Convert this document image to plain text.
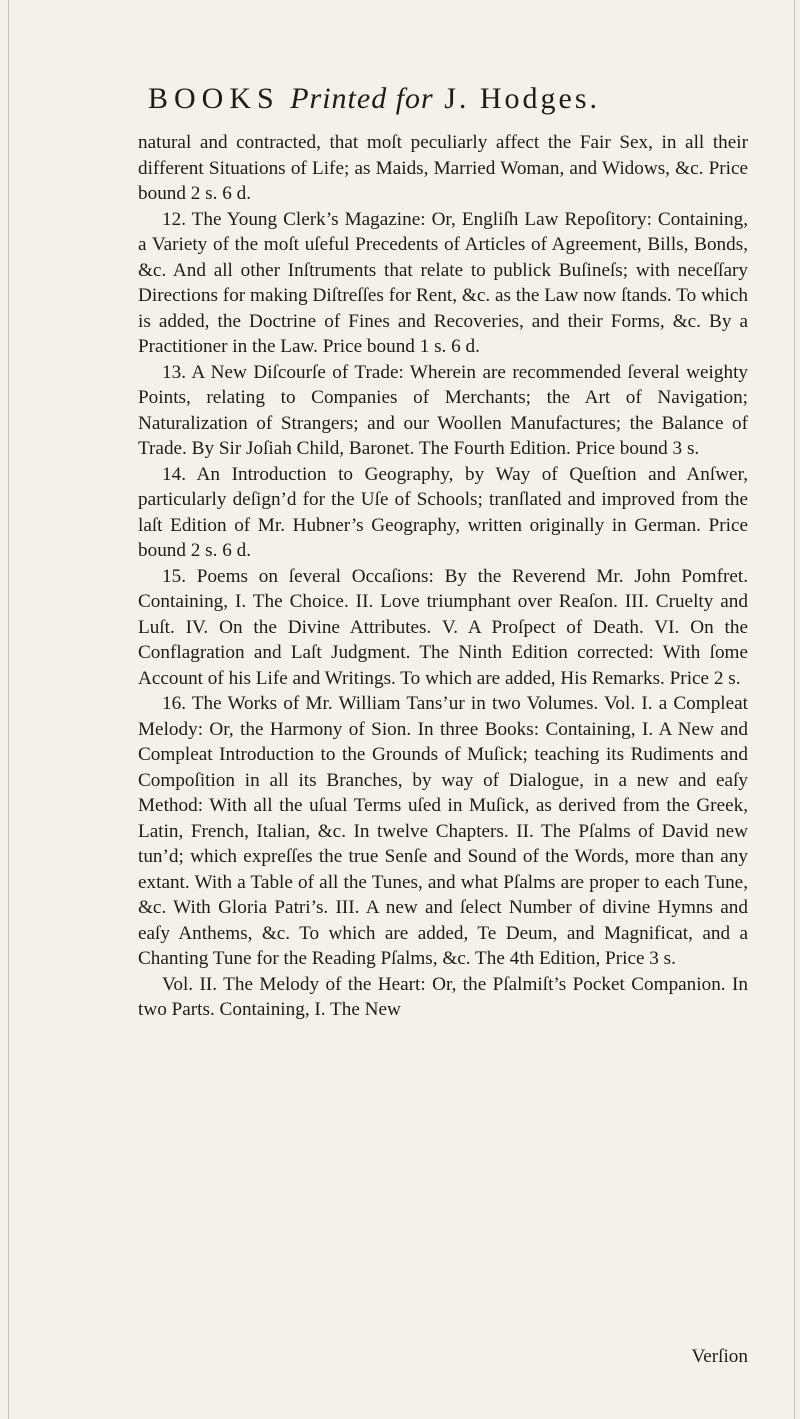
BOOKS Printed for J. Hodges.

natural and contracted, that moſt peculiarly affect the Fair Sex, in all their different Situations of Life; as Maids, Married Woman, and Widows, &c. Price bound 2 s. 6 d.

12. The Young Clerk’s Magazine: Or, Engliſh Law Repoſitory: Containing, a Variety of the moſt uſeful Precedents of Articles of Agreement, Bills, Bonds, &c. And all other Inſtruments that relate to publick Buſineſs; with neceſſary Directions for making Diſtreſſes for Rent, &c. as the Law now ſtands. To which is added, the Doctrine of Fines and Recoveries, and their Forms, &c. By a Practitioner in the Law. Price bound 1 s. 6 d.

13. A New Diſcourſe of Trade: Wherein are recommended ſeveral weighty Points, relating to Companies of Merchants; the Art of Navigation; Naturalization of Strangers; and our Woollen Manufactures; the Balance of Trade. By Sir Joſiah Child, Baronet. The Fourth Edition. Price bound 3 s.

14. An Introduction to Geography, by Way of Queſtion and Anſwer, particularly deſign’d for the Uſe of Schools; tranſlated and improved from the laſt Edition of Mr. Hubner’s Geography, written originally in German. Price bound 2 s. 6 d.

15. Poems on ſeveral Occaſions: By the Reverend Mr. John Pomfret. Containing, I. The Choice. II. Love triumphant over Reaſon. III. Cruelty and Luſt. IV. On the Divine Attributes. V. A Proſpect of Death. VI. On the Conflagration and Laſt Judgment. The Ninth Edition corrected: With ſome Account of his Life and Writings. To which are added, His Remarks. Price 2 s.

16. The Works of Mr. William Tans’ur in two Volumes. Vol. I. a Compleat Melody: Or, the Harmony of Sion. In three Books: Containing, I. A New and Compleat Introduction to the Grounds of Muſick; teaching its Rudiments and Compoſition in all its Branches, by way of Dialogue, in a new and eaſy Method: With all the uſual Terms uſed in Muſick, as derived from the Greek, Latin, French, Italian, &c. In twelve Chapters. II. The Pſalms of David new tun’d; which expreſſes the true Senſe and Sound of the Words, more than any extant. With a Table of all the Tunes, and what Pſalms are proper to each Tune, &c. With Gloria Patri’s. III. A new and ſelect Number of divine Hymns and eaſy Anthems, &c. To which are added, Te Deum, and Magnificat, and a Chanting Tune for the Reading Pſalms, &c. The 4th Edition, Price 3 s.

Vol. II. The Melody of the Heart: Or, the Pſalmiſt’s Pocket Companion. In two Parts. Containing, I. The New

Verſion
